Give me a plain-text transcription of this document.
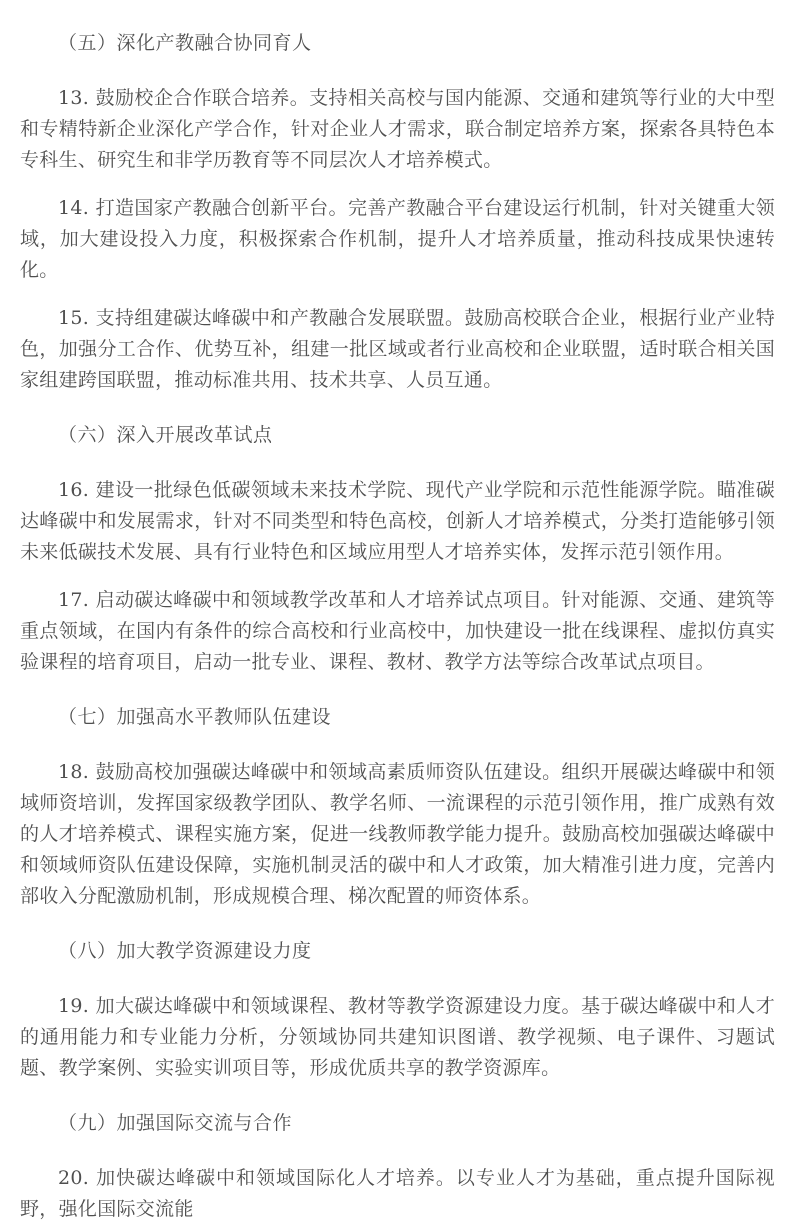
（五）深化产教融合协同育人

13. 鼓励校企合作联合培养。支持相关高校与国内能源、交通和建筑等行业的大中型和专精特新企业深化产学合作，针对企业人才需求，联合制定培养方案，探索各具特色本专科生、研究生和非学历教育等不同层次人才培养模式。

14. 打造国家产教融合创新平台。完善产教融合平台建设运行机制，针对关键重大领域，加大建设投入力度，积极探索合作机制，提升人才培养质量，推动科技成果快速转化。

15. 支持组建碳达峰碳中和产教融合发展联盟。鼓励高校联合企业，根据行业产业特色，加强分工合作、优势互补，组建一批区域或者行业高校和企业联盟，适时联合相关国家组建跨国联盟，推动标准共用、技术共享、人员互通。

（六）深入开展改革试点

16. 建设一批绿色低碳领域未来技术学院、现代产业学院和示范性能源学院。瞄准碳达峰碳中和发展需求，针对不同类型和特色高校，创新人才培养模式，分类打造能够引领未来低碳技术发展、具有行业特色和区域应用型人才培养实体，发挥示范引领作用。

17. 启动碳达峰碳中和领域教学改革和人才培养试点项目。针对能源、交通、建筑等重点领域，在国内有条件的综合高校和行业高校中，加快建设一批在线课程、虚拟仿真实验课程的培育项目，启动一批专业、课程、教材、教学方法等综合改革试点项目。

（七）加强高水平教师队伍建设

18. 鼓励高校加强碳达峰碳中和领域高素质师资队伍建设。组织开展碳达峰碳中和领域师资培训，发挥国家级教学团队、教学名师、一流课程的示范引领作用，推广成熟有效的人才培养模式、课程实施方案，促进一线教师教学能力提升。鼓励高校加强碳达峰碳中和领域师资队伍建设保障，实施机制灵活的碳中和人才政策，加大精准引进力度，完善内部收入分配激励机制，形成规模合理、梯次配置的师资体系。

（八）加大教学资源建设力度

19. 加大碳达峰碳中和领域课程、教材等教学资源建设力度。基于碳达峰碳中和人才的通用能力和专业能力分析，分领域协同共建知识图谱、教学视频、电子课件、习题试题、教学案例、实验实训项目等，形成优质共享的教学资源库。

（九）加强国际交流与合作

20. 加快碳达峰碳中和领域国际化人才培养。以专业人才为基础，重点提升国际视野，强化国际交流能
